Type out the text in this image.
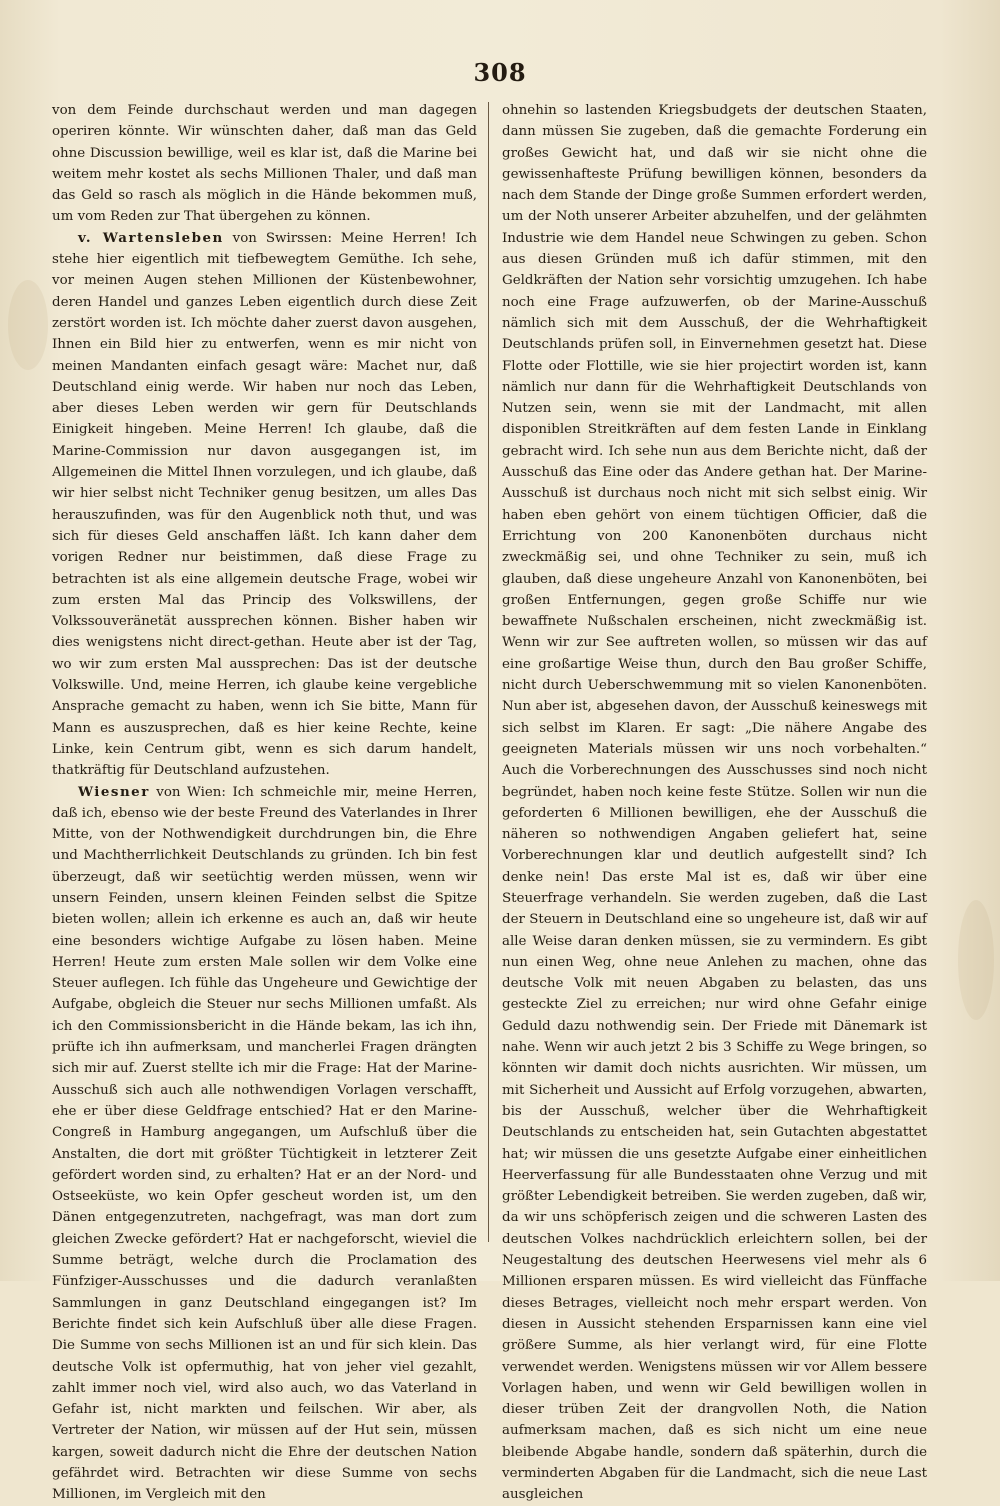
308

von dem Feinde durchschaut werden und man dagegen operiren könnte. Wir wünschten daher, daß man das Geld ohne Discussion bewillige, weil es klar ist, daß die Marine bei weitem mehr kostet als sechs Millionen Thaler, und daß man das Geld so rasch als möglich in die Hände bekommen muß, um vom Reden zur That übergehen zu können.

v. Wartensleben von Swirssen: Meine Herren! Ich stehe hier eigentlich mit tiefbewegtem Gemüthe. Ich sehe, vor meinen Augen stehen Millionen der Küstenbewohner, deren Handel und ganzes Leben eigentlich durch diese Zeit zerstört worden ist. Ich möchte daher zuerst davon ausgehen, Ihnen ein Bild hier zu entwerfen, wenn es mir nicht von meinen Mandanten einfach gesagt wäre: Machet nur, daß Deutschland einig werde. Wir haben nur noch das Leben, aber dieses Leben werden wir gern für Deutschlands Einigkeit hingeben. Meine Herren! Ich glaube, daß die Marine-Commission nur davon ausgegangen ist, im Allgemeinen die Mittel Ihnen vorzulegen, und ich glaube, daß wir hier selbst nicht Techniker genug besitzen, um alles Das herauszufinden, was für den Augenblick noth thut, und was sich für dieses Geld anschaffen läßt. Ich kann daher dem vorigen Redner nur beistimmen, daß diese Frage zu betrachten ist als eine allgemein deutsche Frage, wobei wir zum ersten Mal das Princip des Volkswillens, der Volkssouveränetät aussprechen können. Bisher haben wir dies wenigstens nicht direct-gethan. Heute aber ist der Tag, wo wir zum ersten Mal aussprechen: Das ist der deutsche Volkswille. Und, meine Herren, ich glaube keine vergebliche Ansprache gemacht zu haben, wenn ich Sie bitte, Mann für Mann es auszusprechen, daß es hier keine Rechte, keine Linke, kein Centrum gibt, wenn es sich darum handelt, thatkräftig für Deutschland aufzustehen.

Wiesner von Wien: Ich schmeichle mir, meine Herren, daß ich, ebenso wie der beste Freund des Vaterlandes in Ihrer Mitte, von der Nothwendigkeit durchdrungen bin, die Ehre und Machtherrlichkeit Deutschlands zu gründen. Ich bin fest überzeugt, daß wir seetüchtig werden müssen, wenn wir unsern Feinden, unsern kleinen Feinden selbst die Spitze bieten wollen; allein ich erkenne es auch an, daß wir heute eine besonders wichtige Aufgabe zu lösen haben. Meine Herren! Heute zum ersten Male sollen wir dem Volke eine Steuer auflegen. Ich fühle das Ungeheure und Gewichtige der Aufgabe, obgleich die Steuer nur sechs Millionen umfaßt. Als ich den Commissionsbericht in die Hände bekam, las ich ihn, prüfte ich ihn aufmerksam, und mancherlei Fragen drängten sich mir auf. Zuerst stellte ich mir die Frage: Hat der Marine-Ausschuß sich auch alle nothwendigen Vorlagen verschafft, ehe er über diese Geldfrage entschied? Hat er den Marine-Congreß in Hamburg angegangen, um Aufschluß über die Anstalten, die dort mit größter Tüchtigkeit in letzterer Zeit gefördert worden sind, zu erhalten? Hat er an der Nord- und Ostseeküste, wo kein Opfer gescheut worden ist, um den Dänen entgegenzutreten, nachgefragt, was man dort zum gleichen Zwecke gefördert? Hat er nachgeforscht, wieviel die Summe beträgt, welche durch die Proclamation des Fünfziger-Ausschusses und die dadurch veranlaßten Sammlungen in ganz Deutschland eingegangen ist? Im Berichte findet sich kein Aufschluß über alle diese Fragen. Die Summe von sechs Millionen ist an und für sich klein. Das deutsche Volk ist opfermuthig, hat von jeher viel gezahlt, zahlt immer noch viel, wird also auch, wo das Vaterland in Gefahr ist, nicht markten und feilschen. Wir aber, als Vertreter der Nation, wir müssen auf der Hut sein, müssen kargen, soweit dadurch nicht die Ehre der deutschen Nation gefährdet wird. Betrachten wir diese Summe von sechs Millionen, im Vergleich mit den

ohnehin so lastenden Kriegsbudgets der deutschen Staaten, dann müssen Sie zugeben, daß die gemachte Forderung ein großes Gewicht hat, und daß wir sie nicht ohne die gewissenhafteste Prüfung bewilligen können, besonders da nach dem Stande der Dinge große Summen erfordert werden, um der Noth unserer Arbeiter abzuhelfen, und der gelähmten Industrie wie dem Handel neue Schwingen zu geben. Schon aus diesen Gründen muß ich dafür stimmen, mit den Geldkräften der Nation sehr vorsichtig umzugehen. Ich habe noch eine Frage aufzuwerfen, ob der Marine-Ausschuß nämlich sich mit dem Ausschuß, der die Wehrhaftigkeit Deutschlands prüfen soll, in Einvernehmen gesetzt hat. Diese Flotte oder Flottille, wie sie hier projectirt worden ist, kann nämlich nur dann für die Wehrhaftigkeit Deutschlands von Nutzen sein, wenn sie mit der Landmacht, mit allen disponiblen Streitkräften auf dem festen Lande in Einklang gebracht wird. Ich sehe nun aus dem Berichte nicht, daß der Ausschuß das Eine oder das Andere gethan hat. Der Marine-Ausschuß ist durchaus noch nicht mit sich selbst einig. Wir haben eben gehört von einem tüchtigen Officier, daß die Errichtung von 200 Kanonenböten durchaus nicht zweckmäßig sei, und ohne Techniker zu sein, muß ich glauben, daß diese ungeheure Anzahl von Kanonenböten, bei großen Entfernungen, gegen große Schiffe nur wie bewaffnete Nußschalen erscheinen, nicht zweckmäßig ist. Wenn wir zur See auftreten wollen, so müssen wir das auf eine großartige Weise thun, durch den Bau großer Schiffe, nicht durch Ueberschwemmung mit so vielen Kanonenböten. Nun aber ist, abgesehen davon, der Ausschuß keineswegs mit sich selbst im Klaren. Er sagt: „Die nähere Angabe des geeigneten Materials müssen wir uns noch vorbehalten.“ Auch die Vorberechnungen des Ausschusses sind noch nicht begründet, haben noch keine feste Stütze. Sollen wir nun die geforderten 6 Millionen bewilligen, ehe der Ausschuß die näheren so nothwendigen Angaben geliefert hat, seine Vorberechnungen klar und deutlich aufgestellt sind? Ich denke nein! Das erste Mal ist es, daß wir über eine Steuerfrage verhandeln. Sie werden zugeben, daß die Last der Steuern in Deutschland eine so ungeheure ist, daß wir auf alle Weise daran denken müssen, sie zu vermindern. Es gibt nun einen Weg, ohne neue Anlehen zu machen, ohne das deutsche Volk mit neuen Abgaben zu belasten, das uns gesteckte Ziel zu erreichen; nur wird ohne Gefahr einige Geduld dazu nothwendig sein. Der Friede mit Dänemark ist nahe. Wenn wir auch jetzt 2 bis 3 Schiffe zu Wege bringen, so könnten wir damit doch nichts ausrichten. Wir müssen, um mit Sicherheit und Aussicht auf Erfolg vorzugehen, abwarten, bis der Ausschuß, welcher über die Wehrhaftigkeit Deutschlands zu entscheiden hat, sein Gutachten abgestattet hat; wir müssen die uns gesetzte Aufgabe einer einheitlichen Heerverfassung für alle Bundesstaaten ohne Verzug und mit größter Lebendigkeit betreiben. Sie werden zugeben, daß wir, da wir uns schöpferisch zeigen und die schweren Lasten des deutschen Volkes nachdrücklich erleichtern sollen, bei der Neugestaltung des deutschen Heerwesens viel mehr als 6 Millionen ersparen müssen. Es wird vielleicht das Fünffache dieses Betrages, vielleicht noch mehr erspart werden. Von diesen in Aussicht stehenden Ersparnissen kann eine viel größere Summe, als hier verlangt wird, für eine Flotte verwendet werden. Wenigstens müssen wir vor Allem bessere Vorlagen haben, und wenn wir Geld bewilligen wollen in dieser trüben Zeit der drangvollen Noth, die Nation aufmerksam machen, daß es sich nicht um eine neue bleibende Abgabe handle, sondern daß späterhin, durch die verminderten Abgaben für die Landmacht, sich die neue Last ausgleichen
